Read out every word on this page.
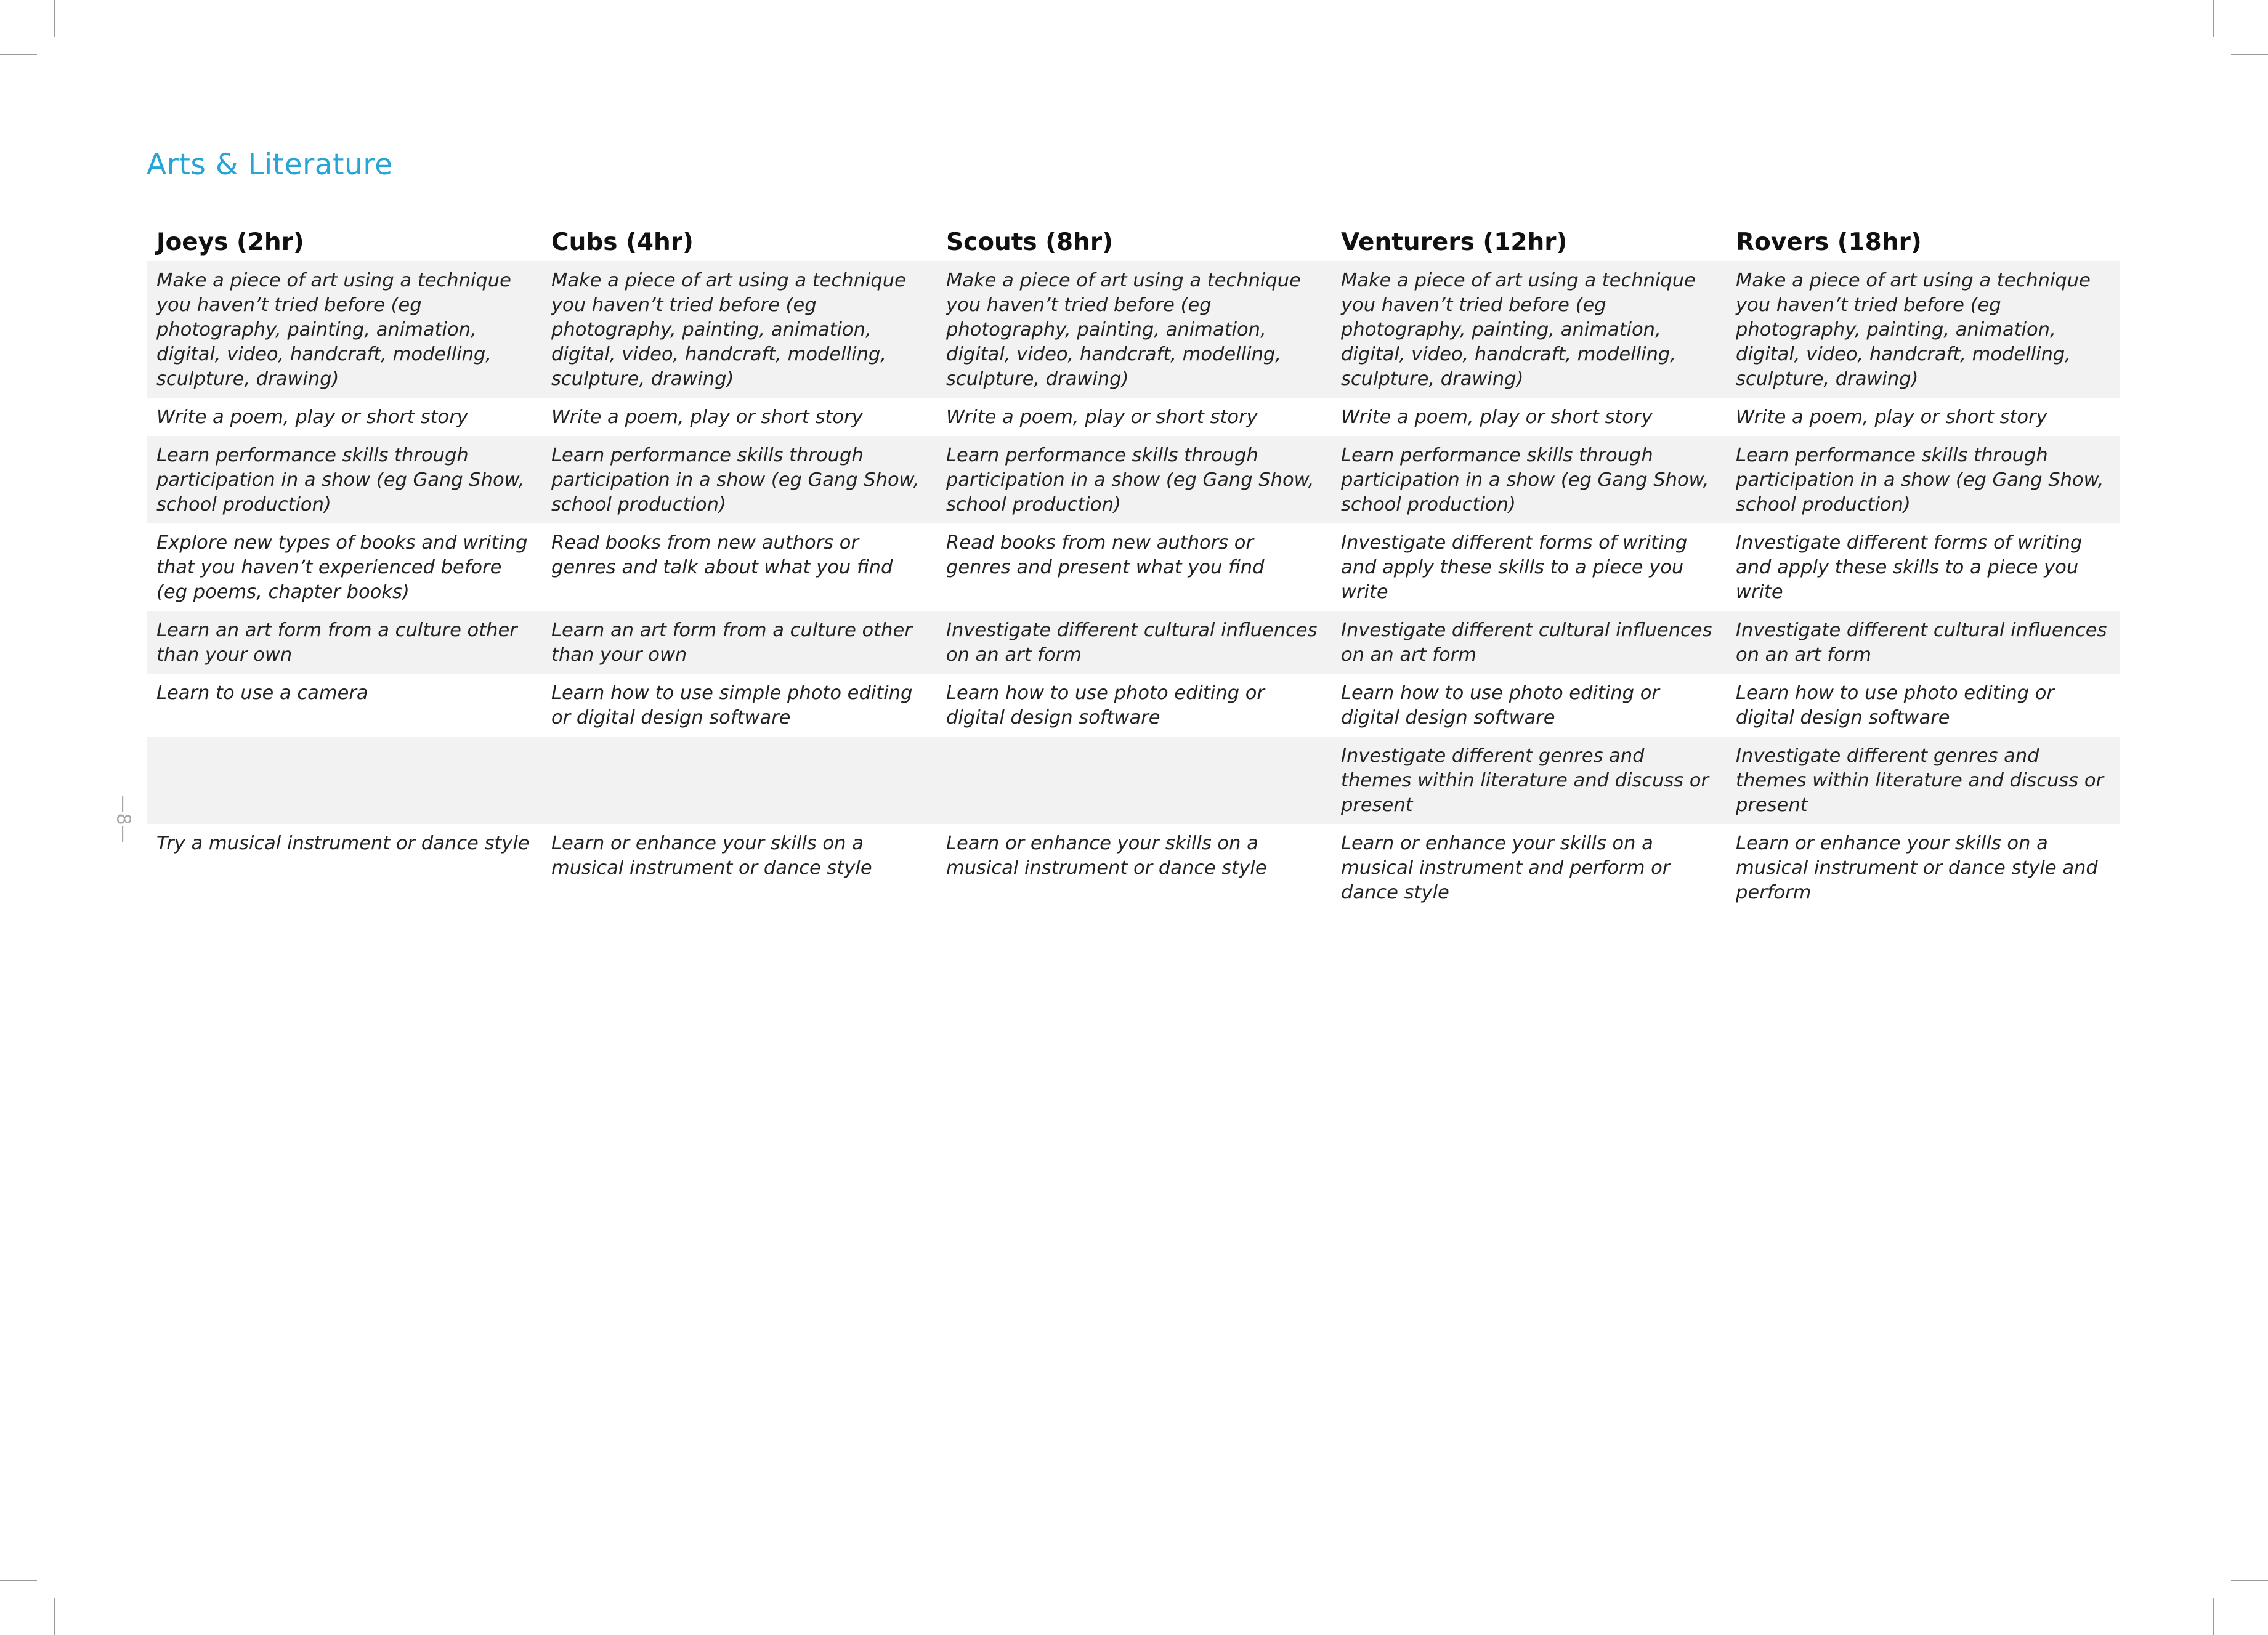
Arts & Literature
—8—
Joeys (2hr)	Cubs (4hr)	Scouts (8hr)	Venturers (12hr)	Rovers (18hr)
Make a piece of art using a technique you haven’t tried before (eg photography, painting, animation, digital, video, handcraft, modelling, sculpture, drawing)	Make a piece of art using a technique you haven’t tried before (eg photography, painting, animation, digital, video, handcraft, modelling, sculpture, drawing)	Make a piece of art using a technique you haven’t tried before (eg photography, painting, animation, digital, video, handcraft, modelling, sculpture, drawing)	Make a piece of art using a technique you haven’t tried before (eg photography, painting, animation, digital, video, handcraft, modelling, sculpture, drawing)	Make a piece of art using a technique you haven’t tried before (eg photography, painting, animation, digital, video, handcraft, modelling, sculpture, drawing)
Write a poem, play or short story	Write a poem, play or short story	Write a poem, play or short story	Write a poem, play or short story	Write a poem, play or short story
Learn performance skills through participation in a show (eg Gang Show, school production)	Learn performance skills through participation in a show (eg Gang Show, school production)	Learn performance skills through participation in a show (eg Gang Show, school production)	Learn performance skills through participation in a show (eg Gang Show, school production)	Learn performance skills through participation in a show (eg Gang Show, school production)
Explore new types of books and writing that you haven’t experienced before (eg poems, chapter books)	Read books from new authors or genres and talk about what you find	Read books from new authors or genres and present what you find	Investigate different forms of writing and apply these skills to a piece you write	Investigate different forms of writing and apply these skills to a piece you write
Learn an art form from a culture other than your own	Learn an art form from a culture other than your own	Investigate different cultural influences on an art form	Investigate different cultural influences on an art form	Investigate different cultural influences on an art form
Learn to use a camera	Learn how to use simple photo editing or digital design software	Learn how to use photo editing or digital design software	Learn how to use photo editing or digital design software	Learn how to use photo editing or digital design software
			Investigate different genres and themes within literature and discuss or present	Investigate different genres and themes within literature and discuss or present
Try a musical instrument or dance style	Learn or enhance your skills on a musical instrument or dance style	Learn or enhance your skills on a musical instrument or dance style	Learn or enhance your skills on a musical instrument and perform or dance style	Learn or enhance your skills on a musical instrument or dance style and perform
